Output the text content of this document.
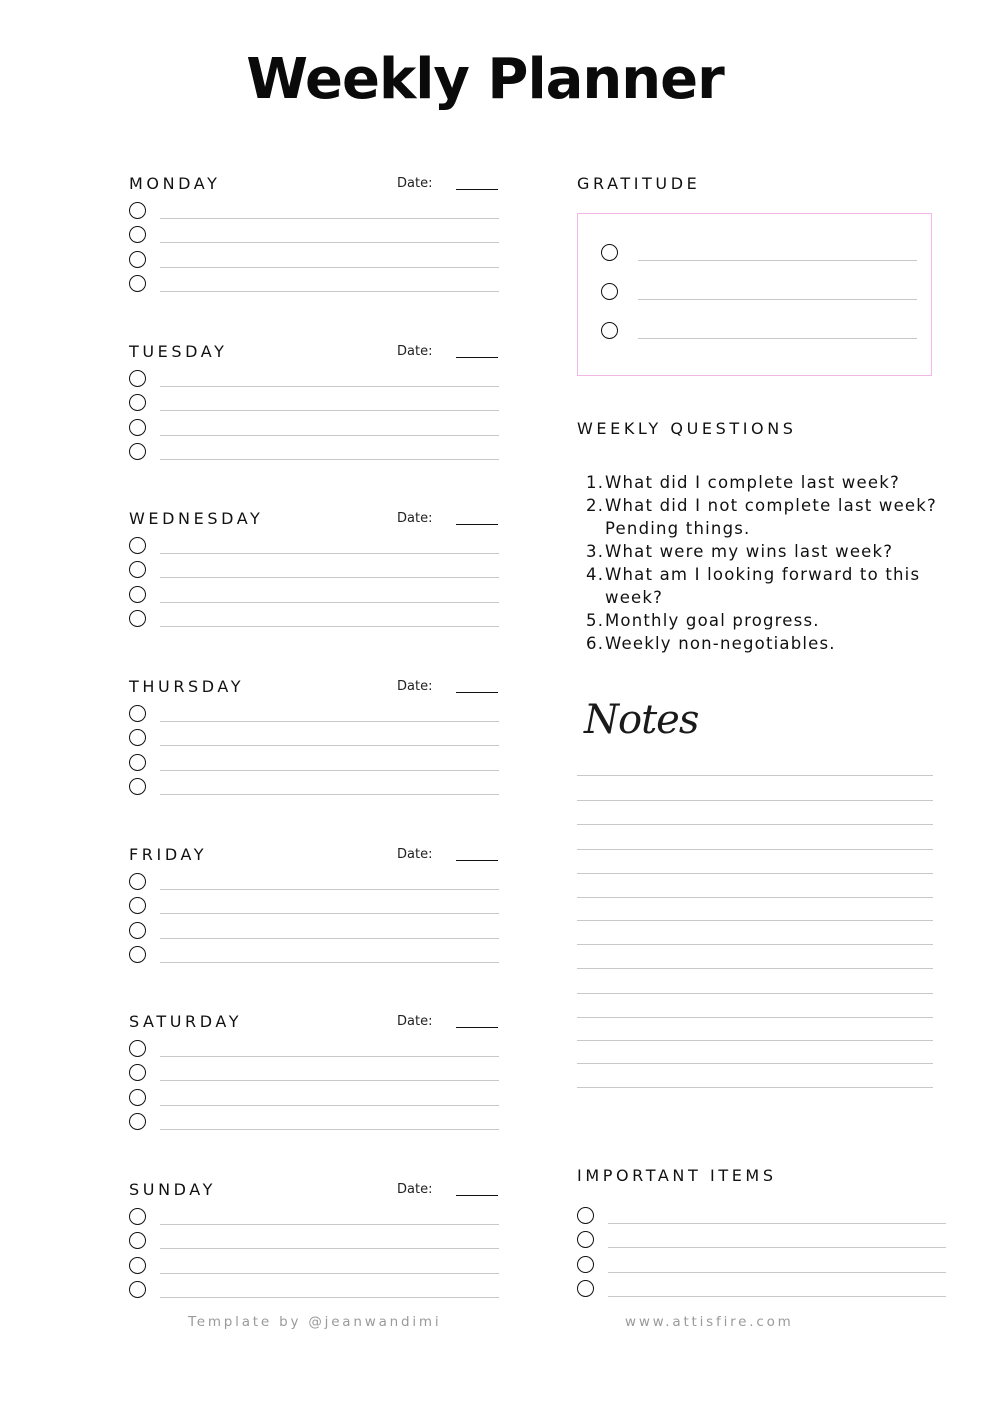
Weekly Planner
MONDAY	Date:
TUESDAY	Date:
WEDNESDAY	Date:
THURSDAY	Date:
FRIDAY	Date:
SATURDAY	Date:
SUNDAY	Date:
GRATITUDE
WEEKLY QUESTIONS
1. What did I complete last week?
2. What did I not complete last week? Pending things.
3. What were my wins last week?
4. What am I looking forward to this week?
5. Monthly goal progress.
6. Weekly non-negotiables.
Notes
IMPORTANT ITEMS
Template by @jeanwandimi	www.attisfire.com
